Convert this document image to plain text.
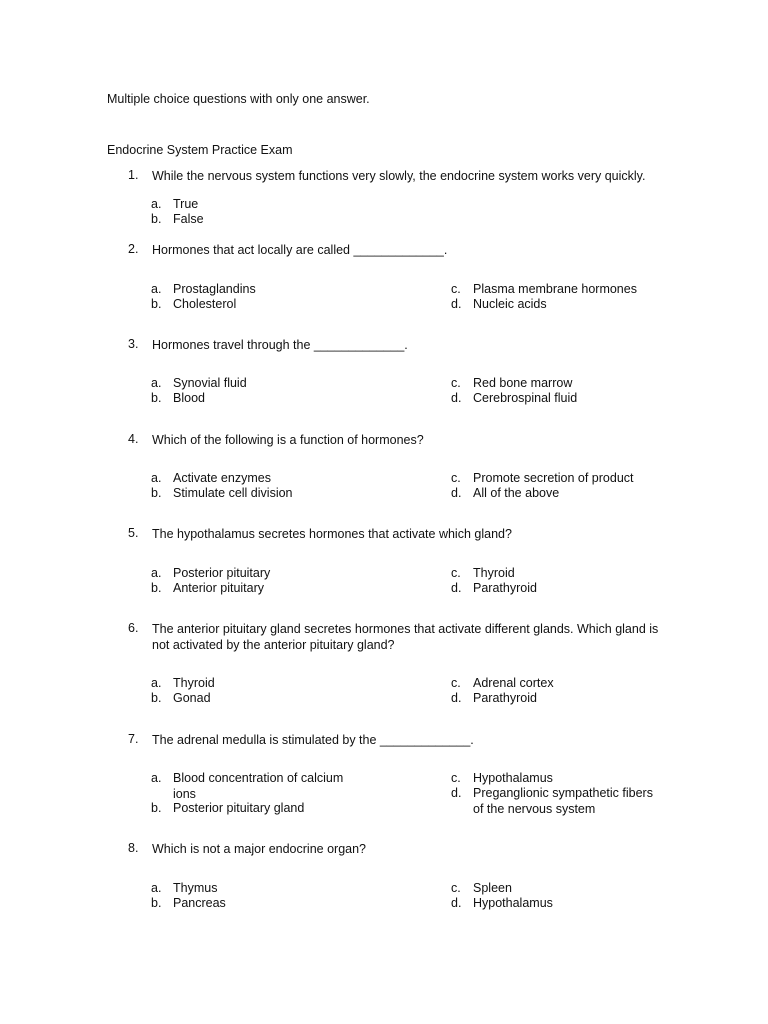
Multiple choice questions with only one answer.
Endocrine System Practice Exam
1. While the nervous system functions very slowly, the endocrine system works very quickly.
a. True
b. False
2. Hormones that act locally are called _____________.
a. Prostaglandins
b. Cholesterol
c. Plasma membrane hormones
d. Nucleic acids
3. Hormones travel through the _____________.
a. Synovial fluid
b. Blood
c. Red bone marrow
d. Cerebrospinal fluid
4. Which of the following is a function of hormones?
a. Activate enzymes
b. Stimulate cell division
c. Promote secretion of product
d. All of the above
5. The hypothalamus secretes hormones that activate which gland?
a. Posterior pituitary
b. Anterior pituitary
c. Thyroid
d. Parathyroid
6. The anterior pituitary gland secretes hormones that activate different glands. Which gland is not activated by the anterior pituitary gland?
a. Thyroid
b. Gonad
c. Adrenal cortex
d. Parathyroid
7. The adrenal medulla is stimulated by the _____________.
a. Blood concentration of calcium ions
b. Posterior pituitary gland
c. Hypothalamus
d. Preganglionic sympathetic fibers of the nervous system
8. Which is not a major endocrine organ?
a. Thymus
b. Pancreas
c. Spleen
d. Hypothalamus
